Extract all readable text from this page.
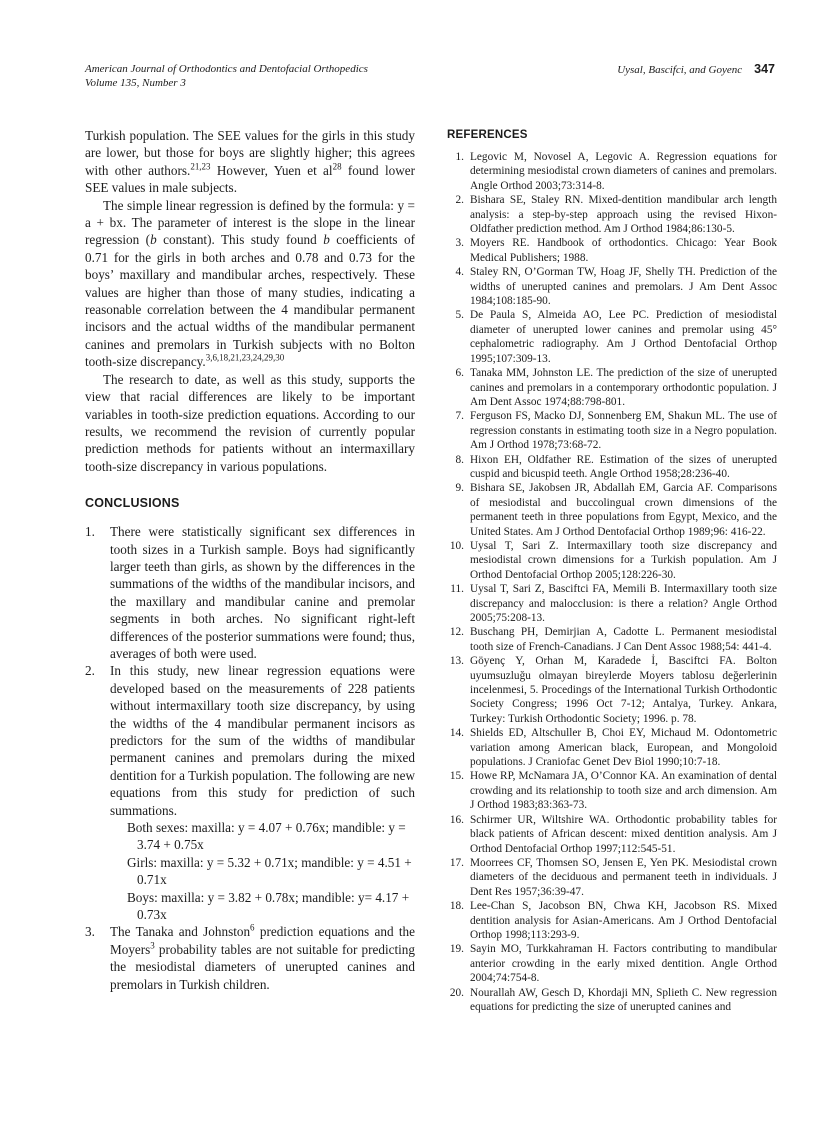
American Journal of Orthodontics and Dentofacial Orthopedics
Volume 135, Number 3
Uysal, Bascifci, and Goyenc 347

Turkish population. The SEE values for the girls in this study are lower, but those for boys are slightly higher; this agrees with other authors.$^{21,23}$ However, Yuen et $al^{28}$ found lower SEE values in male subjects.

The simple linear regression is defined by the formula: y = a + bx. The parameter of interest is the slope in the linear regression (b constant). This study found b coefficients of 0.71 for the girls in both arches and 0.78 and 0.73 for the boys’ maxillary and mandibular arches, respectively. These values are higher than those of many studies, indicating a reasonable correlation between the 4 mandibular permanent incisors and the actual widths of the mandibular permanent canines and premolars in Turkish subjects with no Bolton tooth-size discrepancy.$^{3,6,18,21,23,24,29,30}$

The research to date, as well as this study, supports the view that racial differences are likely to be important variables in tooth-size prediction equations. According to our results, we recommend the revision of currently popular prediction methods for patients without an intermaxillary tooth-size discrepancy in various populations.

CONCLUSIONS
1.	There were statistically significant sex differences in tooth sizes in a Turkish sample. Boys had significantly larger teeth than girls, as shown by the differences in the summations of the widths of the mandibular incisors, and the maxillary and mandibular canine and premolar segments in both arches. No significant right-left differences of the posterior summations were found; thus, averages of both were used.
2.	In this study, new linear regression equations were developed based on the measurements of 228 patients without intermaxillary tooth size discrepancy, by using the widths of the 4 mandibular permanent incisors as predictors for the sum of the widths of mandibular permanent canines and premolars during the mixed dentition for a Turkish population. The following are new equations from this study for prediction of such summations.
Both sexes: maxilla: y = 4.07 + 0.76x; mandible: y = 3.74 + 0.75x
Girls: maxilla: y = 5.32 + 0.71x; mandible: y = 4.51 + 0.71x
Boys: maxilla: y = 3.82 + 0.78x; mandible: y= 4.17 + 0.73x
3.	The Tanaka and Johnston$^6$ prediction equations and the Moyers$^3$ probability tables are not suitable for predicting the mesiodistal diameters of unerupted canines and premolars in Turkish children.
REFERENCES
1. Legovic M, Novosel A, Legovic A. Regression equations for determining mesiodistal crown diameters of canines and premolars. Angle Orthod 2003;73:314-8.
2. Bishara SE, Staley RN. Mixed-dentition mandibular arch length analysis: a step-by-step approach using the revised Hixon-Oldfather prediction method. Am J Orthod 1984;86:130-5.
3. Moyers RE. Handbook of orthodontics. Chicago: Year Book Medical Publishers; 1988.
4. Staley RN, O’Gorman TW, Hoag JF, Shelly TH. Prediction of the widths of unerupted canines and premolars. J Am Dent Assoc 1984;108:185-90.
5. De Paula S, Almeida AO, Lee PC. Prediction of mesiodistal diameter of unerupted lower canines and premolar using 45° cephalometric radiography. Am J Orthod Dentofacial Orthop 1995;107:309-13.
6. Tanaka MM, Johnston LE. The prediction of the size of unerupted canines and premolars in a contemporary orthodontic population. J Am Dent Assoc 1974;88:798-801.
7. Ferguson FS, Macko DJ, Sonnenberg EM, Shakun ML. The use of regression constants in estimating tooth size in a Negro population. Am J Orthod 1978;73:68-72.
8. Hixon EH, Oldfather RE. Estimation of the sizes of unerupted cuspid and bicuspid teeth. Angle Orthod 1958;28:236-40.
9. Bishara SE, Jakobsen JR, Abdallah EM, Garcia AF. Comparisons of mesiodistal and buccolingual crown dimensions of the permanent teeth in three populations from Egypt, Mexico, and the United States. Am J Orthod Dentofacial Orthop 1989;96: 416-22.
10. Uysal T, Sari Z. Intermaxillary tooth size discrepancy and mesiodistal crown dimensions for a Turkish population. Am J Orthod Dentofacial Orthop 2005;128:226-30.
11. Uysal T, Sari Z, Basciftci FA, Memili B. Intermaxillary tooth size discrepancy and malocclusion: is there a relation? Angle Orthod 2005;75:208-13.
12. Buschang PH, Demirjian A, Cadotte L. Permanent mesiodistal tooth size of French-Canadians. J Can Dent Assoc 1988;54: 441-4.
13. Göyenç Y, Orhan M, Karadede İ, Basciftci FA. Bolton uyumsuzluğu olmayan bireylerde Moyers tablosu değerlerinin incelenmesi, 5. Procedings of the International Turkish Orthodontic Society Congress; 1996 Oct 7-12; Antalya, Turkey. Ankara, Turkey: Turkish Orthodontic Society; 1996. p. 78.
14. Shields ED, Altschuller B, Choi EY, Michaud M. Odontometric variation among American black, European, and Mongoloid populations. J Craniofac Genet Dev Biol 1990;10:7-18.
15. Howe RP, McNamara JA, O’Connor KA. An examination of dental crowding and its relationship to tooth size and arch dimension. Am J Orthod 1983;83:363-73.
16. Schirmer UR, Wiltshire WA. Orthodontic probability tables for black patients of African descent: mixed dentition analysis. Am J Orthod Dentofacial Orthop 1997;112:545-51.
17. Moorrees CF, Thomsen SO, Jensen E, Yen PK. Mesiodistal crown diameters of the deciduous and permanent teeth in individuals. J Dent Res 1957;36:39-47.
18. Lee-Chan S, Jacobson BN, Chwa KH, Jacobson RS. Mixed dentition analysis for Asian-Americans. Am J Orthod Dentofacial Orthop 1998;113:293-9.
19. Sayin MO, Turkkahraman H. Factors contributing to mandibular anterior crowding in the early mixed dentition. Angle Orthod 2004;74:754-8.
20. Nourallah AW, Gesch D, Khordaji MN, Splieth C. New regression equations for predicting the size of unerupted canines and
